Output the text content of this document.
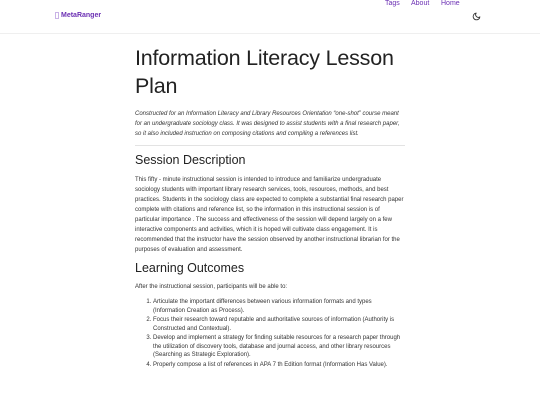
MetaRanger
Tags About Home
Information Literacy Lesson Plan

Constructed for an Information Literacy and Library Resources Orientation “one-shot” course meant for an undergraduate sociology class. It was designed to assist students with a final research paper, so it also included instruction on composing citations and compiling a references list.

Session Description

This fifty - minute instructional session is intended to introduce and familiarize undergraduate sociology students with important library research services, tools, resources, methods, and best practices. Students in the sociology class are expected to complete a substantial final research paper complete with citations and reference list, so the information in this instructional session is of particular importance . The success and effectiveness of the session will depend largely on a few interactive components and activities, which it is hoped will cultivate class engagement. It is recommended that the instructor have the session observed by another instructional librarian for the purposes of evaluation and assessment.

Learning Outcomes

After the instructional session, participants will be able to:

1. Articulate the important differences between various information formats and types (Information Creation as Process).
2. Focus their research toward reputable and authoritative sources of information (Authority is Constructed and Contextual).
3. Develop and implement a strategy for finding suitable resources for a research paper through the utilization of discovery tools, database and journal access, and other library resources (Searching as Strategic Exploration).
4. Properly compose a list of references in APA 7 th Edition format (Information Has Value).
